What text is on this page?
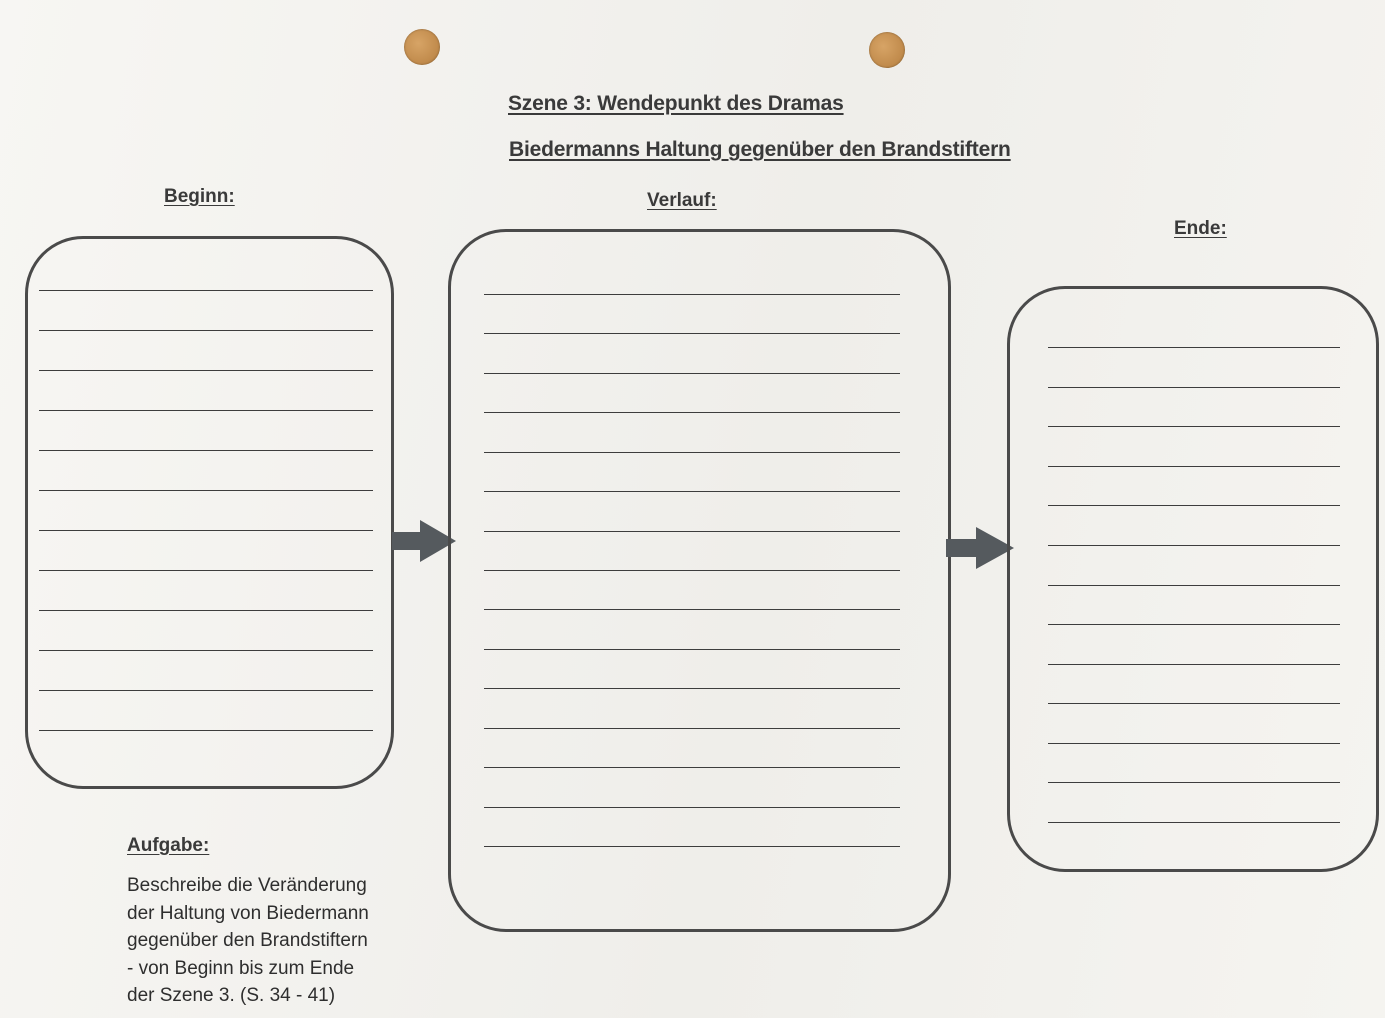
Szene 3: Wendepunkt des Dramas
Biedermanns Haltung gegenüber den Brandstiftern
Beginn:	Verlauf:
Ende:
Aufgabe:
Beschreibe die Veränderung
der Haltung von Biedermann
gegenüber den Brandstiftern
- von Beginn bis zum Ende
der Szene 3. (S. 34 - 41)
